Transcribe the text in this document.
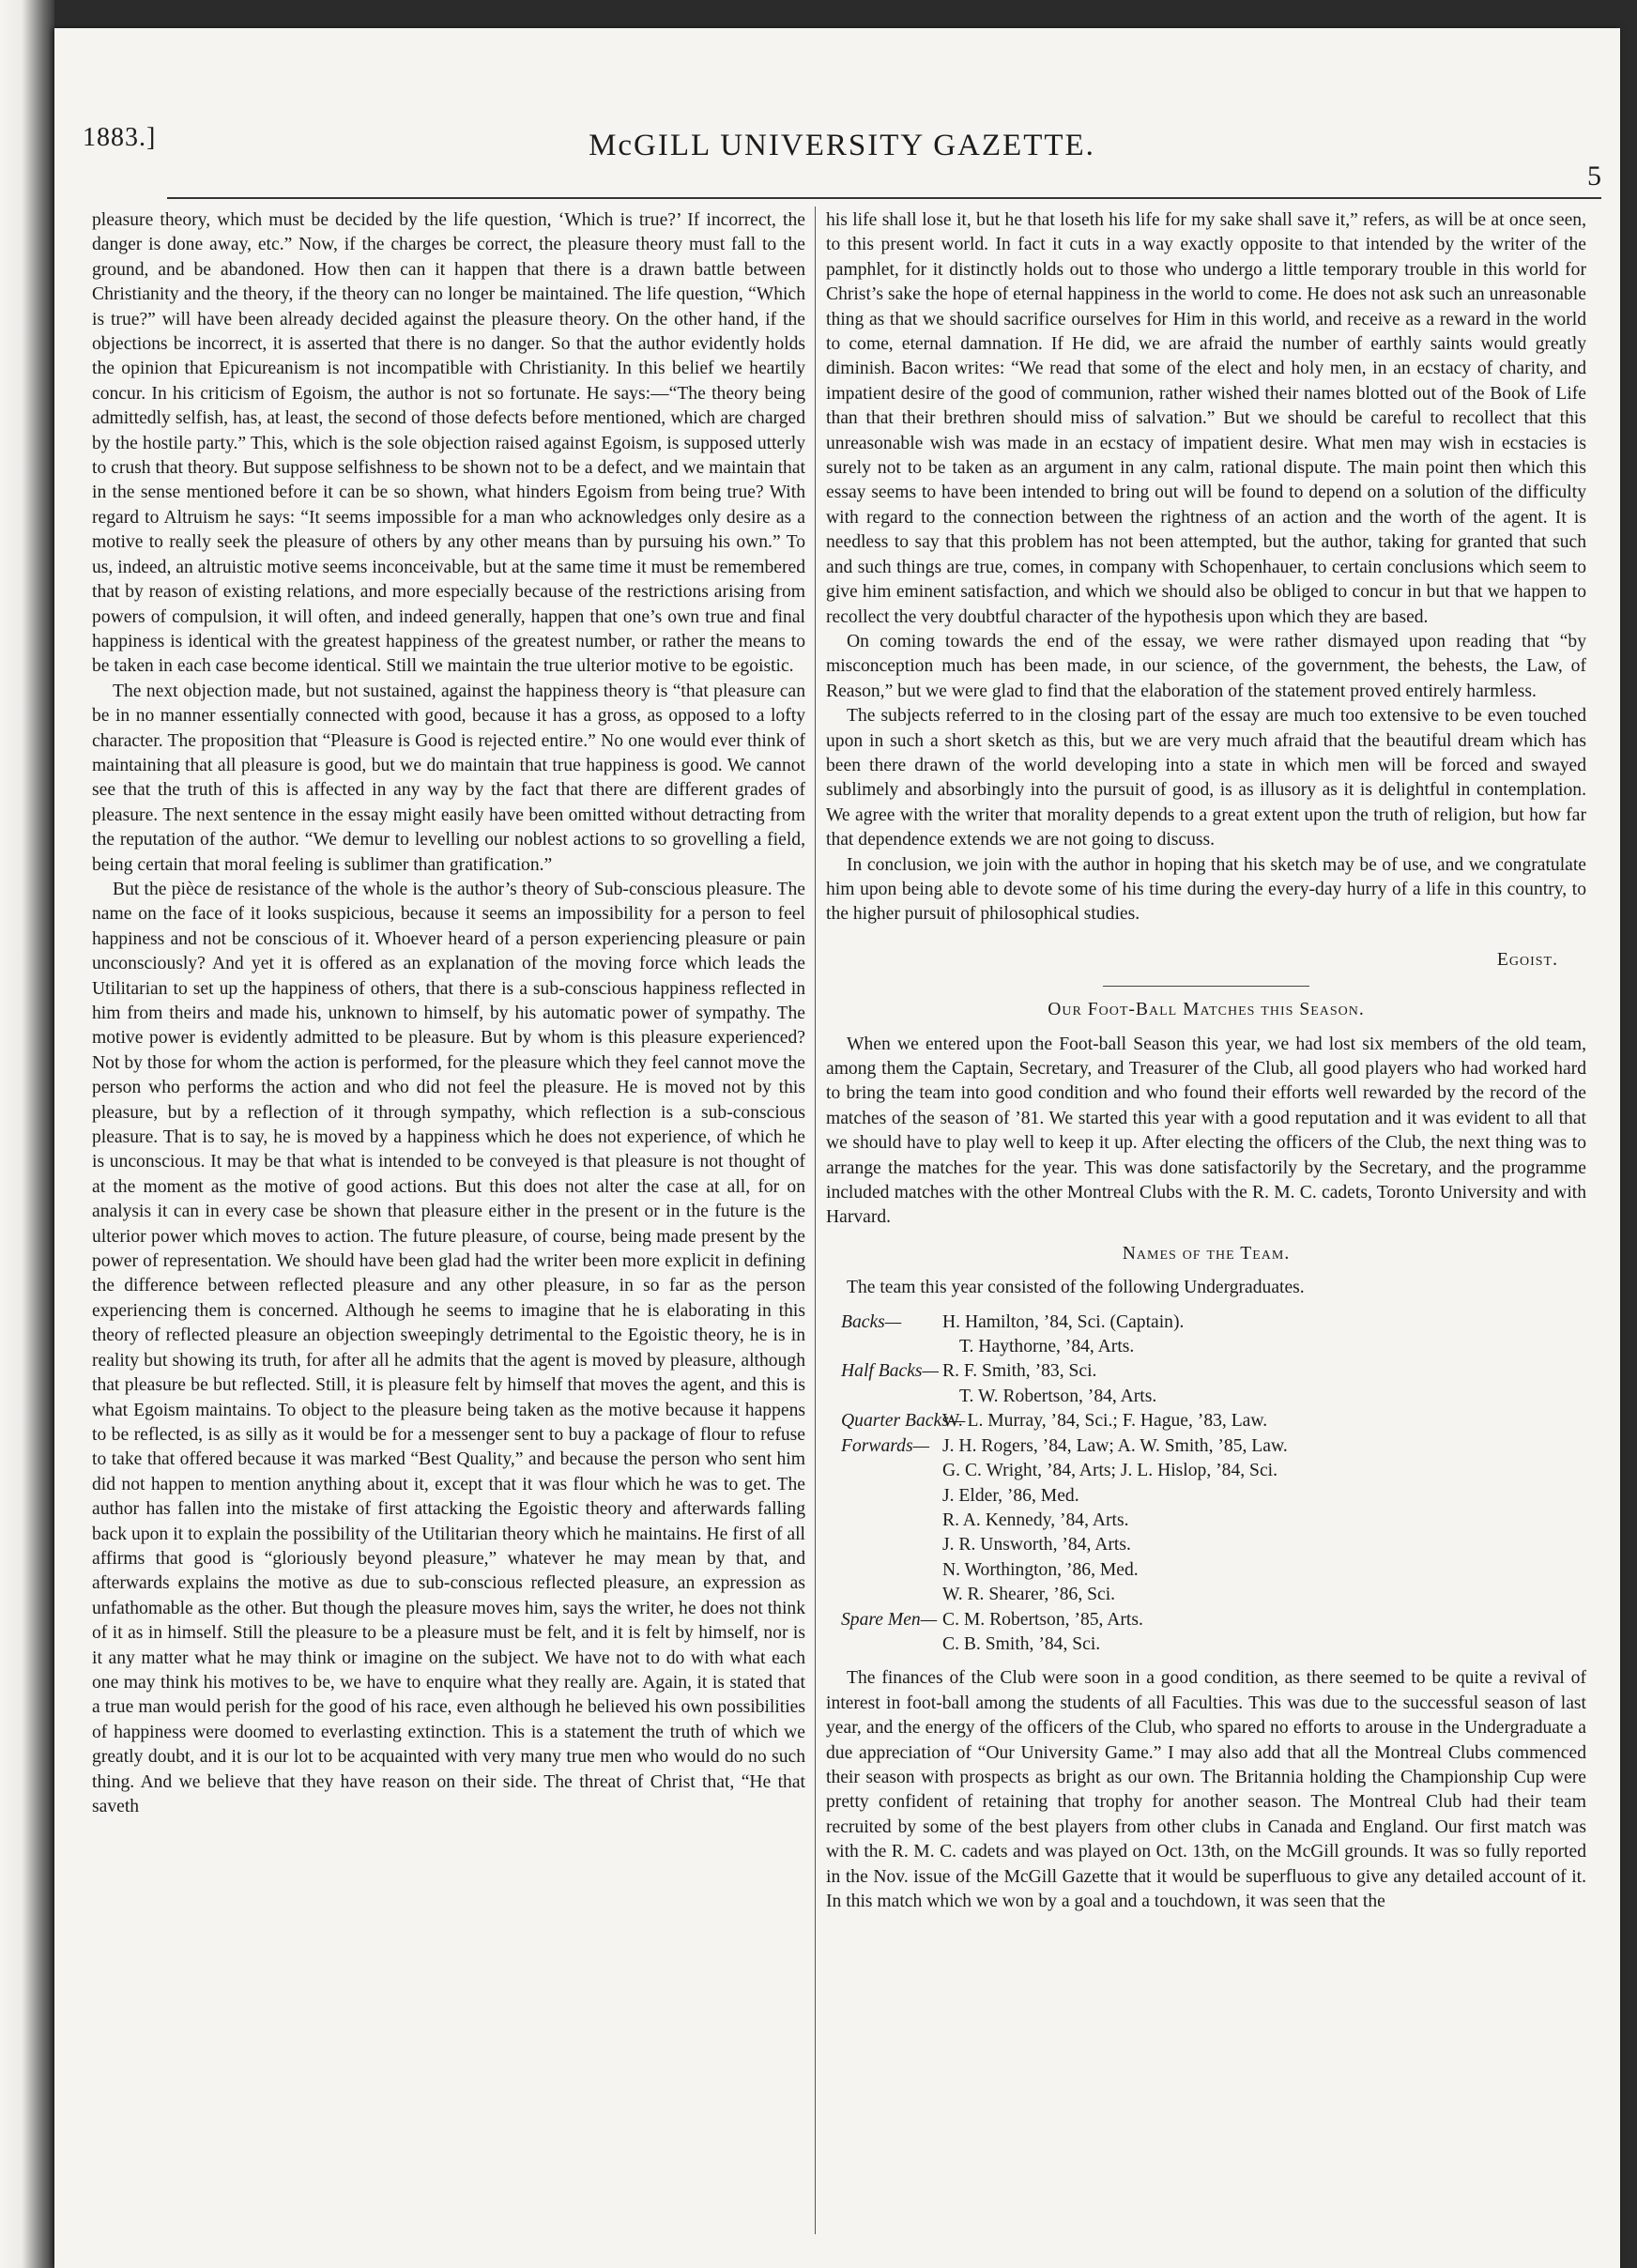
1883.]	McGILL UNIVERSITY GAZETTE.
5

pleasure theory, which must be decided by the life question, ‘Which is true?’ If incorrect, the danger is done away, etc.” Now, if the charges be correct, the pleasure theory must fall to the ground, and be abandoned. How then can it happen that there is a drawn battle between Christianity and the theory, if the theory can no longer be maintained. The life question, “Which is true?” will have been already decided against the pleasure theory. On the other hand, if the objections be incorrect, it is asserted that there is no danger. So that the author evidently holds the opinion that Epicureanism is not incompatible with Christianity. In this belief we heartily concur. In his criticism of Egoism, the author is not so fortunate. He says:—“The theory being admittedly selfish, has, at least, the second of those defects before mentioned, which are charged by the hostile party.” This, which is the sole objection raised against Egoism, is supposed utterly to crush that theory. But suppose selfishness to be shown not to be a defect, and we maintain that in the sense mentioned before it can be so shown, what hinders Egoism from being true? With regard to Altruism he says: “It seems impossible for a man who acknowledges only desire as a motive to really seek the pleasure of others by any other means than by pursuing his own.” To us, indeed, an altruistic motive seems inconceivable, but at the same time it must be remembered that by reason of existing relations, and more especially because of the restrictions arising from powers of compulsion, it will often, and indeed generally, happen that one’s own true and final happiness is identical with the greatest happiness of the greatest number, or rather the means to be taken in each case become identical. Still we maintain the true ulterior motive to be egoistic.

The next objection made, but not sustained, against the happiness theory is “that pleasure can be in no manner essentially connected with good, because it has a gross, as opposed to a lofty character. The proposition that “Pleasure is Good is rejected entire.” No one would ever think of maintaining that all pleasure is good, but we do maintain that true happiness is good. We cannot see that the truth of this is affected in any way by the fact that there are different grades of pleasure. The next sentence in the essay might easily have been omitted without detracting from the reputation of the author. “We demur to levelling our noblest actions to so grovelling a field, being certain that moral feeling is sublimer than gratification.”

But the pièce de resistance of the whole is the author’s theory of Sub-conscious pleasure. The name on the face of it looks suspicious, because it seems an impossibility for a person to feel happiness and not be conscious of it. Whoever heard of a person experiencing pleasure or pain unconsciously? And yet it is offered as an explanation of the moving force which leads the Utilitarian to set up the happiness of others, that there is a sub-conscious happiness reflected in him from theirs and made his, unknown to himself, by his automatic power of sympathy. The motive power is evidently admitted to be pleasure. But by whom is this pleasure experienced? Not by those for whom the action is performed, for the pleasure which they feel cannot move the person who performs the action and who did not feel the pleasure. He is moved not by this pleasure, but by a reflection of it through sympathy, which reflection is a sub-conscious pleasure. That is to say, he is moved by a happiness which he does not experience, of which he is unconscious. It may be that what is intended to be conveyed is that pleasure is not thought of at the moment as the motive of good actions. But this does not alter the case at all, for on analysis it can in every case be shown that pleasure either in the present or in the future is the ulterior power which moves to action. The future pleasure, of course, being made present by the power of representation. We should have been glad had the writer been more explicit in defining the difference between reflected pleasure and any other pleasure, in so far as the person experiencing them is concerned. Although he seems to imagine that he is elaborating in this theory of reflected pleasure an objection sweepingly detrimental to the Egoistic theory, he is in reality but showing its truth, for after all he admits that the agent is moved by pleasure, although that pleasure be but reflected. Still, it is pleasure felt by himself that moves the agent, and this is what Egoism maintains. To object to the pleasure being taken as the motive because it happens to be reflected, is as silly as it would be for a messenger sent to buy a package of flour to refuse to take that offered because it was marked “Best Quality,” and because the person who sent him did not happen to mention anything about it, except that it was flour which he was to get. The author has fallen into the mistake of first attacking the Egoistic theory and afterwards falling back upon it to explain the possibility of the Utilitarian theory which he maintains. He first of all affirms that good is “gloriously beyond pleasure,” whatever he may mean by that, and afterwards explains the motive as due to sub-conscious reflected pleasure, an expression as unfathomable as the other. But though the pleasure moves him, says the writer, he does not think of it as in himself. Still the pleasure to be a pleasure must be felt, and it is felt by himself, nor is it any matter what he may think or imagine on the subject. We have not to do with what each one may think his motives to be, we have to enquire what they really are. Again, it is stated that a true man would perish for the good of his race, even although he believed his own possibilities of happiness were doomed to everlasting extinction. This is a statement the truth of which we greatly doubt, and it is our lot to be acquainted with very many true men who would do no such thing. And we believe that they have reason on their side. The threat of Christ that, “He that saveth

his life shall lose it, but he that loseth his life for my sake shall save it,” refers, as will be at once seen, to this present world. In fact it cuts in a way exactly opposite to that intended by the writer of the pamphlet, for it distinctly holds out to those who undergo a little temporary trouble in this world for Christ’s sake the hope of eternal happiness in the world to come. He does not ask such an unreasonable thing as that we should sacrifice ourselves for Him in this world, and receive as a reward in the world to come, eternal damnation. If He did, we are afraid the number of earthly saints would greatly diminish. Bacon writes: “We read that some of the elect and holy men, in an ecstacy of charity, and impatient desire of the good of communion, rather wished their names blotted out of the Book of Life than that their brethren should miss of salvation.” But we should be careful to recollect that this unreasonable wish was made in an ecstacy of impatient desire. What men may wish in ecstacies is surely not to be taken as an argument in any calm, rational dispute. The main point then which this essay seems to have been intended to bring out will be found to depend on a solution of the difficulty with regard to the connection between the rightness of an action and the worth of the agent. It is needless to say that this problem has not been attempted, but the author, taking for granted that such and such things are true, comes, in company with Schopenhauer, to certain conclusions which seem to give him eminent satisfaction, and which we should also be obliged to concur in but that we happen to recollect the very doubtful character of the hypothesis upon which they are based.

On coming towards the end of the essay, we were rather dismayed upon reading that “by misconception much has been made, in our science, of the government, the behests, the Law, of Reason,” but we were glad to find that the elaboration of the statement proved entirely harmless.

The subjects referred to in the closing part of the essay are much too extensive to be even touched upon in such a short sketch as this, but we are very much afraid that the beautiful dream which has been there drawn of the world developing into a state in which men will be forced and swayed sublimely and absorbingly into the pursuit of good, is as illusory as it is delightful in contemplation. We agree with the writer that morality depends to a great extent upon the truth of religion, but how far that dependence extends we are not going to discuss.

In conclusion, we join with the author in hoping that his sketch may be of use, and we congratulate him upon being able to devote some of his time during the every-day hurry of a life in this country, to the higher pursuit of philosophical studies.

Egoist.
Our Foot-Ball Matches this Season.

When we entered upon the Foot-ball Season this year, we had lost six members of the old team, among them the Captain, Secretary, and Treasurer of the Club, all good players who had worked hard to bring the team into good condition and who found their efforts well rewarded by the record of the matches of the season of ’81. We started this year with a good reputation and it was evident to all that we should have to play well to keep it up. After electing the officers of the Club, the next thing was to arrange the matches for the year. This was done satisfactorily by the Secretary, and the programme included matches with the other Montreal Clubs with the R. M. C. cadets, Toronto University and with Harvard.

Names of the Team.

The team this year consisted of the following Undergraduates.

Backs—	H. Hamilton, ’84, Sci. (Captain).
T. Haythorne, ’84, Arts.
Half Backs— R. F. Smith, ’83, Sci.
T. W. Robertson, ’84, Arts.
Quarter Backs—
W. L. Murray, ’84, Sci.; F. Hague, ’83, Law.
Forwards— J. H. Rogers, ’84, Law; A. W. Smith, ’85, Law.
G. C. Wright, ’84, Arts; J. L. Hislop, ’84, Sci.
J. Elder, ’86, Med.
R. A. Kennedy, ’84, Arts.
J. R. Unsworth, ’84, Arts.
N. Worthington, ’86, Med.
W. R. Shearer, ’86, Sci.
Spare Men— C. M. Robertson, ’85, Arts.
C. B. Smith, ’84, Sci.

The finances of the Club were soon in a good condition, as there seemed to be quite a revival of interest in foot-ball among the students of all Faculties. This was due to the successful season of last year, and the energy of the officers of the Club, who spared no efforts to arouse in the Undergraduate a due appreciation of “Our University Game.” I may also add that all the Montreal Clubs commenced their season with prospects as bright as our own. The Britannia holding the Championship Cup were pretty confident of retaining that trophy for another season. The Montreal Club had their team recruited by some of the best players from other clubs in Canada and England. Our first match was with the R. M. C. cadets and was played on Oct. 13th, on the McGill grounds. It was so fully reported in the Nov. issue of the McGill Gazette that it would be superfluous to give any detailed account of it. In this match which we won by a goal and a touchdown, it was seen that the
